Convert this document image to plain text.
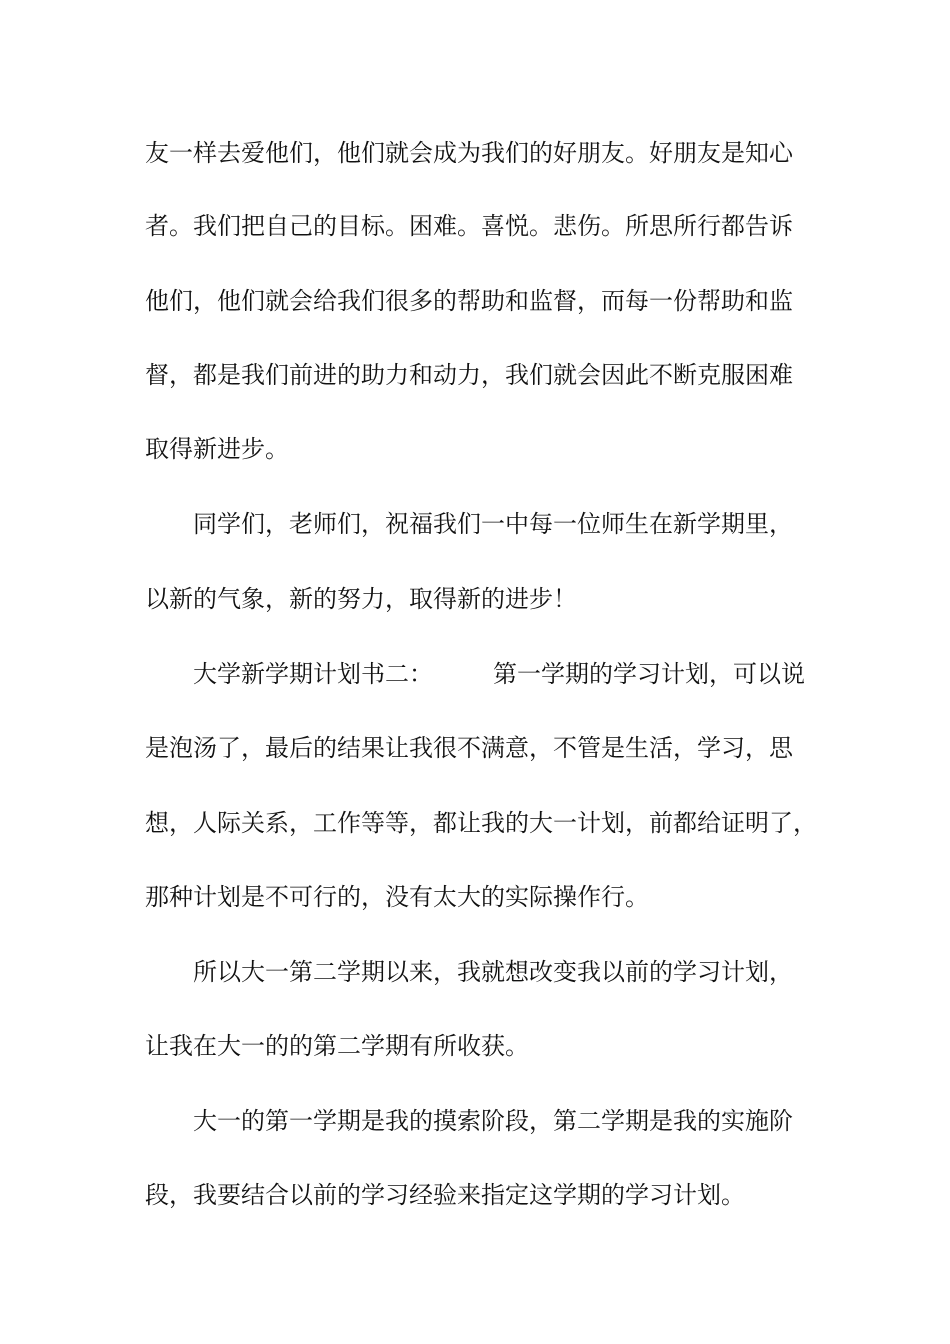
友一样去爱他们，他们就会成为我们的好朋友。好朋友是知心
者。我们把自己的目标。困难。喜悦。悲伤。所思所行都告诉
他们，他们就会给我们很多的帮助和监督，而每一份帮助和监
督，都是我们前进的助力和动力，我们就会因此不断克服困难
取得新进步。
同学们，老师们，祝福我们一中每一位师生在新学期里，
以新的气象，新的努力，取得新的进步！
大学新学期计划书二：　　　第一学期的学习计划，可以说
是泡汤了，最后的结果让我很不满意，不管是生活，学习，思
想，人际关系，工作等等，都让我的大一计划，前都给证明了，
那种计划是不可行的，没有太大的实际操作行。
所以大一第二学期以来，我就想改变我以前的学习计划，
让我在大一的的第二学期有所收获。
大一的第一学期是我的摸索阶段，第二学期是我的实施阶
段，我要结合以前的学习经验来指定这学期的学习计划。
